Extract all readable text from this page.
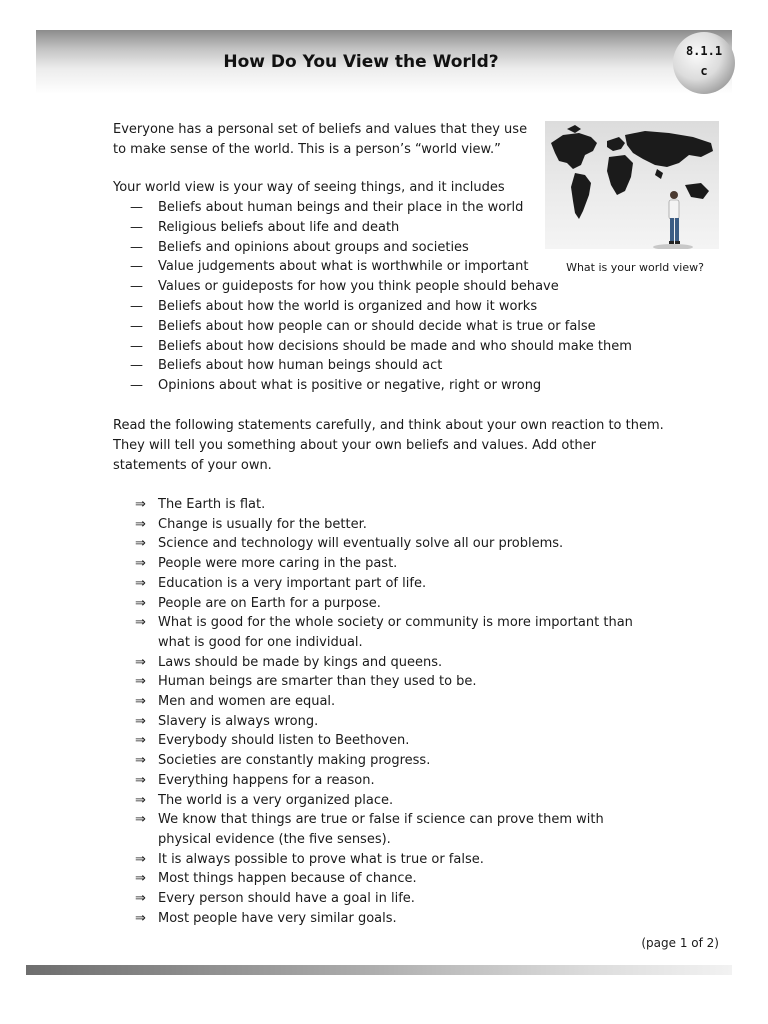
How Do You View the World?
8.1.1
c
Everyone has a personal set of beliefs and values that they use to make sense of the world. This is a person’s “world view.”
Your world view is your way of seeing things, and it includes
—	Beliefs about human beings and their place in the world
—	Religious beliefs about life and death
—	Beliefs and opinions about groups and societies
—	Value judgements about what is worthwhile or important
—	Values or guideposts for how you think people should behave
—	Beliefs about how the world is organized and how it works
—	Beliefs about how people can or should decide what is true or false
—	Beliefs about how decisions should be made and who should make them
—	Beliefs about how human beings should act
—	Opinions about what is positive or negative, right or wrong
What is your world view?
Read the following statements carefully, and think about your own reaction to them. They will tell you something about your own beliefs and values. Add other statements of your own.
⇒ The Earth is flat.
⇒ Change is usually for the better.
⇒ Science and technology will eventually solve all our problems.
⇒ People were more caring in the past.
⇒ Education is a very important part of life.
⇒ People are on Earth for a purpose.
⇒ What is good for the whole society or community is more important than what is good for one individual.
⇒ Laws should be made by kings and queens.
⇒ Human beings are smarter than they used to be.
⇒ Men and women are equal.
⇒ Slavery is always wrong.
⇒ Everybody should listen to Beethoven.
⇒ Societies are constantly making progress.
⇒ Everything happens for a reason.
⇒ The world is a very organized place.
⇒ We know that things are true or false if science can prove them with physical evidence (the five senses).
⇒ It is always possible to prove what is true or false.
⇒ Most things happen because of chance.
⇒ Every person should have a goal in life.
⇒ Most people have very similar goals.
(page 1 of 2)
